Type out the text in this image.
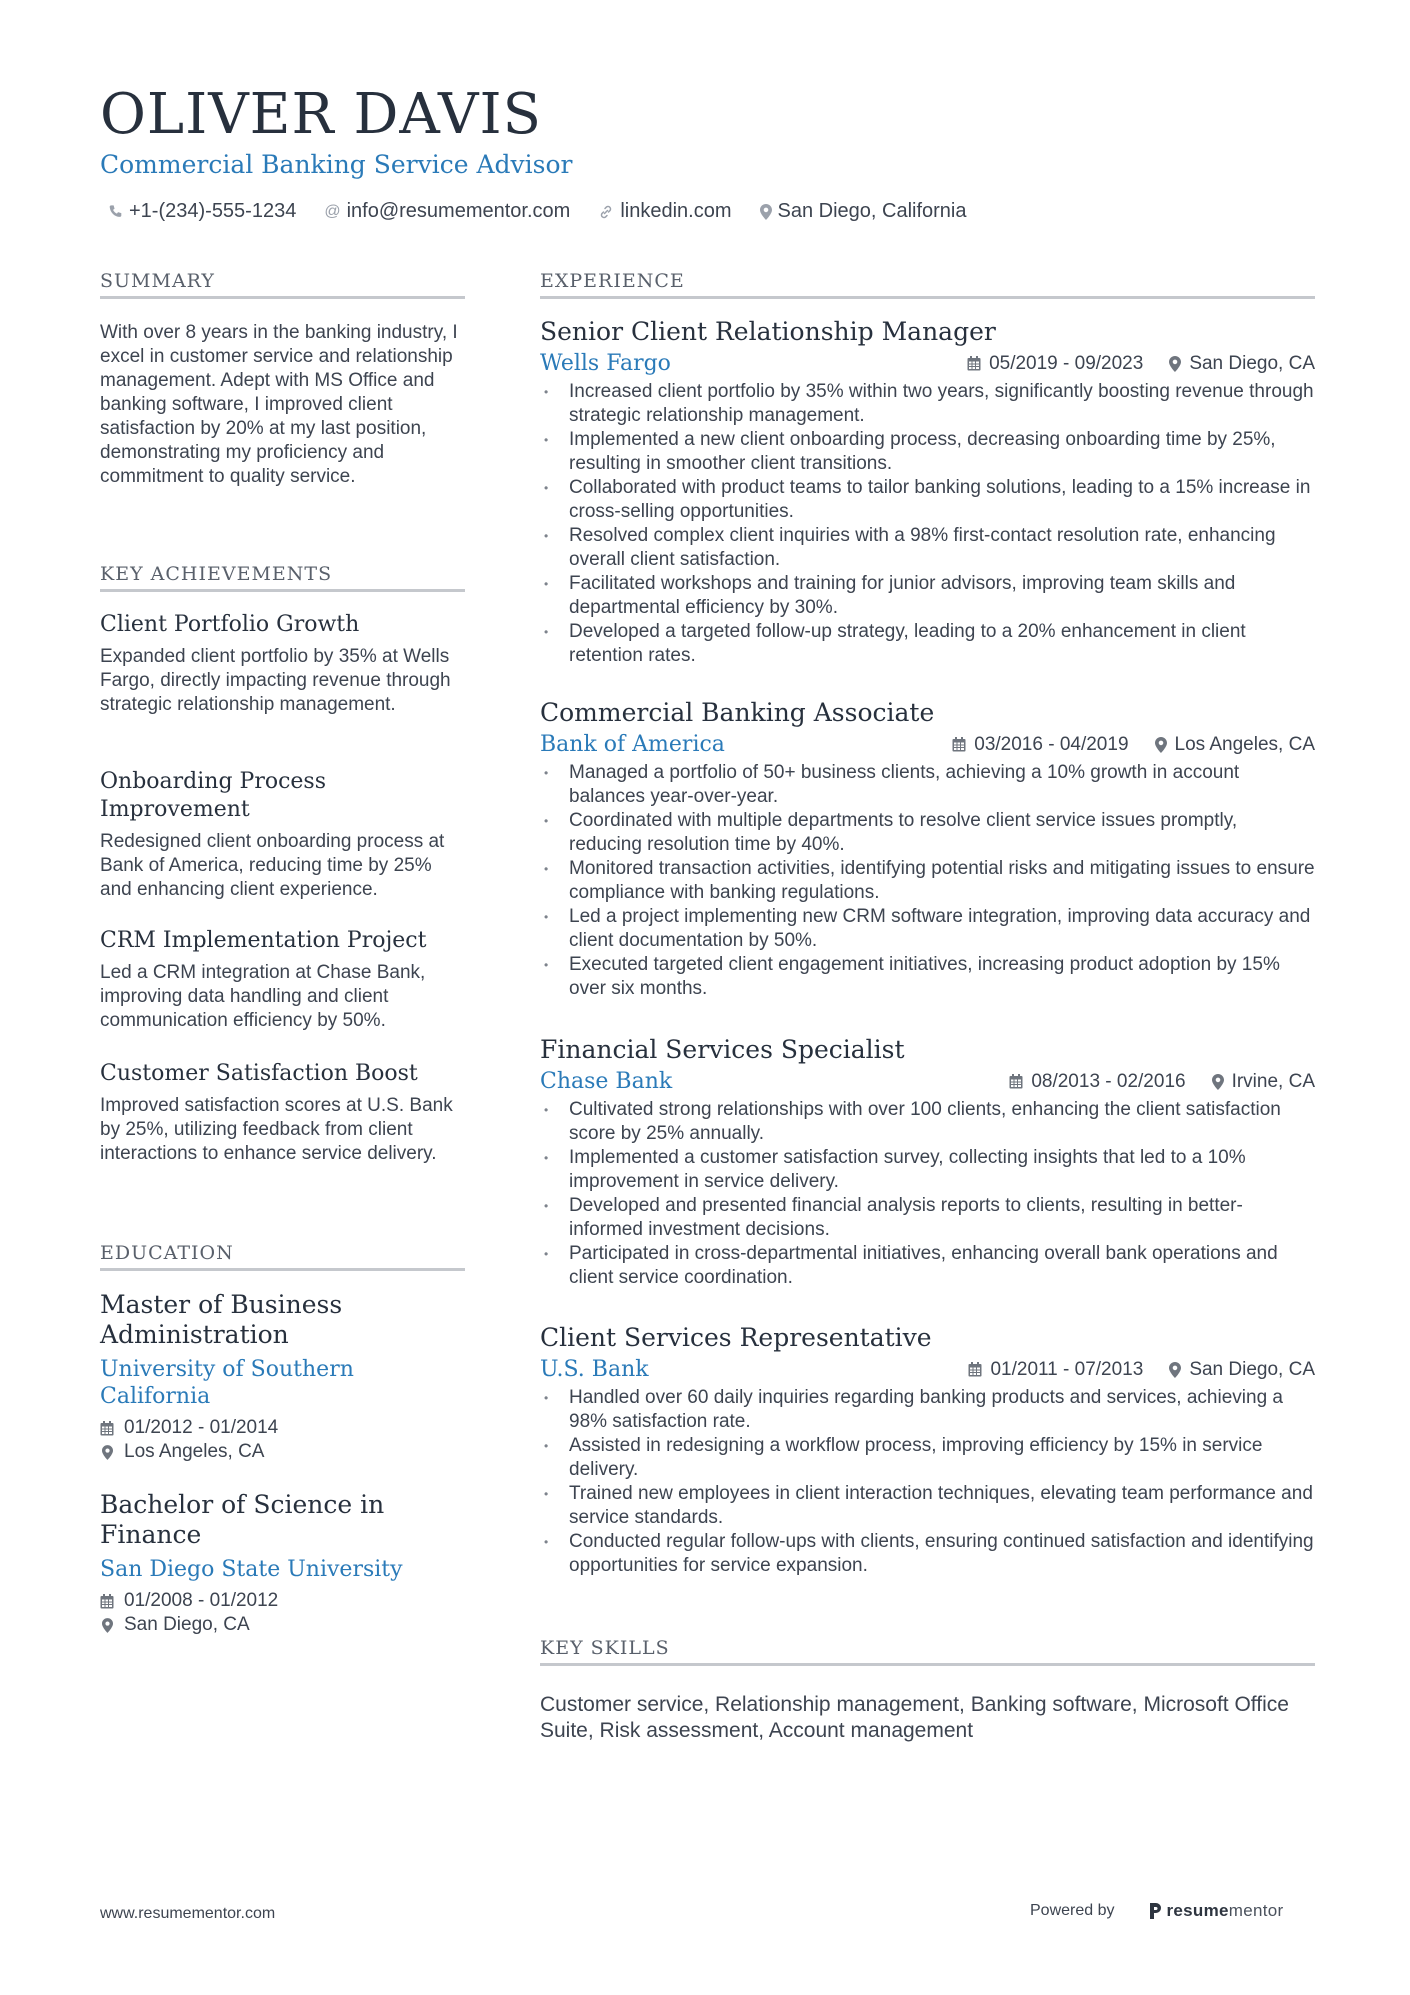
OLIVER DAVIS
Commercial Banking Service Advisor
+1-(234)-555-1234 @ info@resumementor.com	linkedin.com San Diego, California
SUMMARY
With over 8 years in the banking industry, I excel in customer service and relationship management. Adept with MS Office and banking software, I improved client satisfaction by 20% at my last position, demonstrating my proficiency and commitment to quality service.
KEY ACHIEVEMENTS
Client Portfolio Growth
Expanded client portfolio by 35% at Wells Fargo, directly impacting revenue through strategic relationship management.
Onboarding Process Improvement
Redesigned client onboarding process at Bank of America, reducing time by 25% and enhancing client experience.
CRM Implementation Project
Led a CRM integration at Chase Bank, improving data handling and client communication efficiency by 50%.
Customer Satisfaction Boost
Improved satisfaction scores at U.S. Bank by 25%, utilizing feedback from client interactions to enhance service delivery.
EDUCATION
Master of Business Administration
University of Southern California
01/2012 - 01/2014
Los Angeles, CA
Bachelor of Science in Finance
San Diego State University
01/2008 - 01/2012
San Diego, CA
EXPERIENCE
Senior Client Relationship Manager
Wells Fargo	05/2019 - 09/2023 San Diego, CA
• Increased client portfolio by 35% within two years, significantly boosting revenue through strategic relationship management.
• Implemented a new client onboarding process, decreasing onboarding time by 25%, resulting in smoother client transitions.
• Collaborated with product teams to tailor banking solutions, leading to a 15% increase in cross-selling opportunities.
• Resolved complex client inquiries with a 98% first-contact resolution rate, enhancing overall client satisfaction.
• Facilitated workshops and training for junior advisors, improving team skills and departmental efficiency by 30%.
• Developed a targeted follow-up strategy, leading to a 20% enhancement in client retention rates.
Commercial Banking Associate
Bank of America	03/2016 - 04/2019 Los Angeles, CA
• Managed a portfolio of 50+ business clients, achieving a 10% growth in account balances year-over-year.
• Coordinated with multiple departments to resolve client service issues promptly, reducing resolution time by 40%.
• Monitored transaction activities, identifying potential risks and mitigating issues to ensure compliance with banking regulations.
• Led a project implementing new CRM software integration, improving data accuracy and client documentation by 50%.
• Executed targeted client engagement initiatives, increasing product adoption by 15% over six months.
Financial Services Specialist
Chase Bank	08/2013 - 02/2016 Irvine, CA
• Cultivated strong relationships with over 100 clients, enhancing the client satisfaction score by 25% annually.
• Implemented a customer satisfaction survey, collecting insights that led to a 10% improvement in service delivery.
• Developed and presented financial analysis reports to clients, resulting in better-informed investment decisions.
• Participated in cross-departmental initiatives, enhancing overall bank operations and client service coordination.
Client Services Representative
U.S. Bank	01/2011 - 07/2013 San Diego, CA
• Handled over 60 daily inquiries regarding banking products and services, achieving a 98% satisfaction rate.
• Assisted in redesigning a workflow process, improving efficiency by 15% in service delivery.
• Trained new employees in client interaction techniques, elevating team performance and service standards.
• Conducted regular follow-ups with clients, ensuring continued satisfaction and identifying opportunities for service expansion.
KEY SKILLS
Customer service, Relationship management, Banking software, Microsoft Office Suite, Risk assessment, Account management
www.resumementor.com	Powered by	resume mentor
